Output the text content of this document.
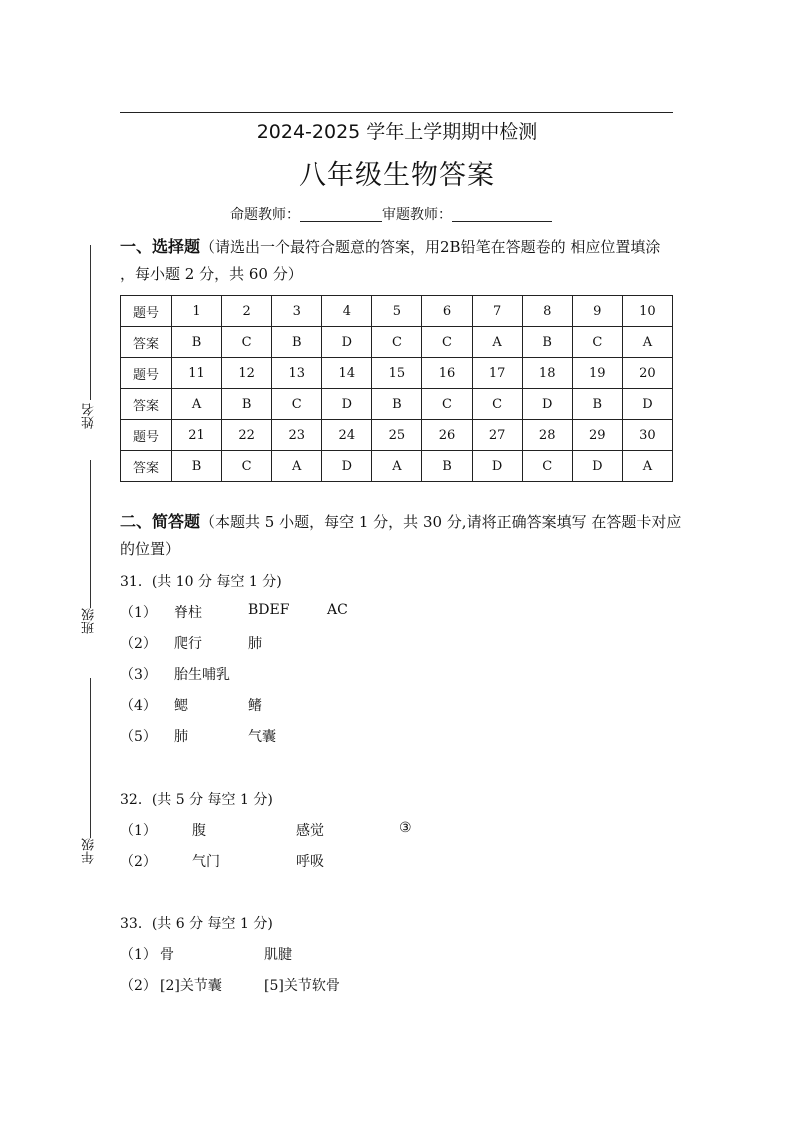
2024-2025 学年上学期期中检测
八年级生物答案
命题教师：	审题教师：
姓名
班级
年级
一、选择题（请选出一个最符合题意的答案，用2B铅笔在答题卷的 相应位置填涂
，每小题 2 分，共 60 分）
题号	1	2	3	4	5	6	7	8	9	10
答案	B	C	B	D	C	C	A	B	C	A
题号	11	12	13	14	15	16	17	18	19	20
答案	A	B	C	D	B	C	C	D	B	D
题号	21	22	23	24	25	26	27	28	29	30
答案	B	C	A	D	A	B	D	C	D	A
二、简答题（本题共 5 小题，每空 1 分，共 30 分,请将正确答案填写 在答题卡对应
的位置）
31．(共 10 分 每空 1 分)
（1） 脊柱	BDEF	AC
（2） 爬行	肺
（3） 胎生哺乳
（4） 鳃	鳍
（5） 肺	气囊
32．(共 5 分 每空 1 分)
（1）	腹	感觉	③
（2）	气门	呼吸
33．(共 6 分 每空 1 分)
（1） 骨	肌腱
（2） [2]关节囊	[5]关节软骨
